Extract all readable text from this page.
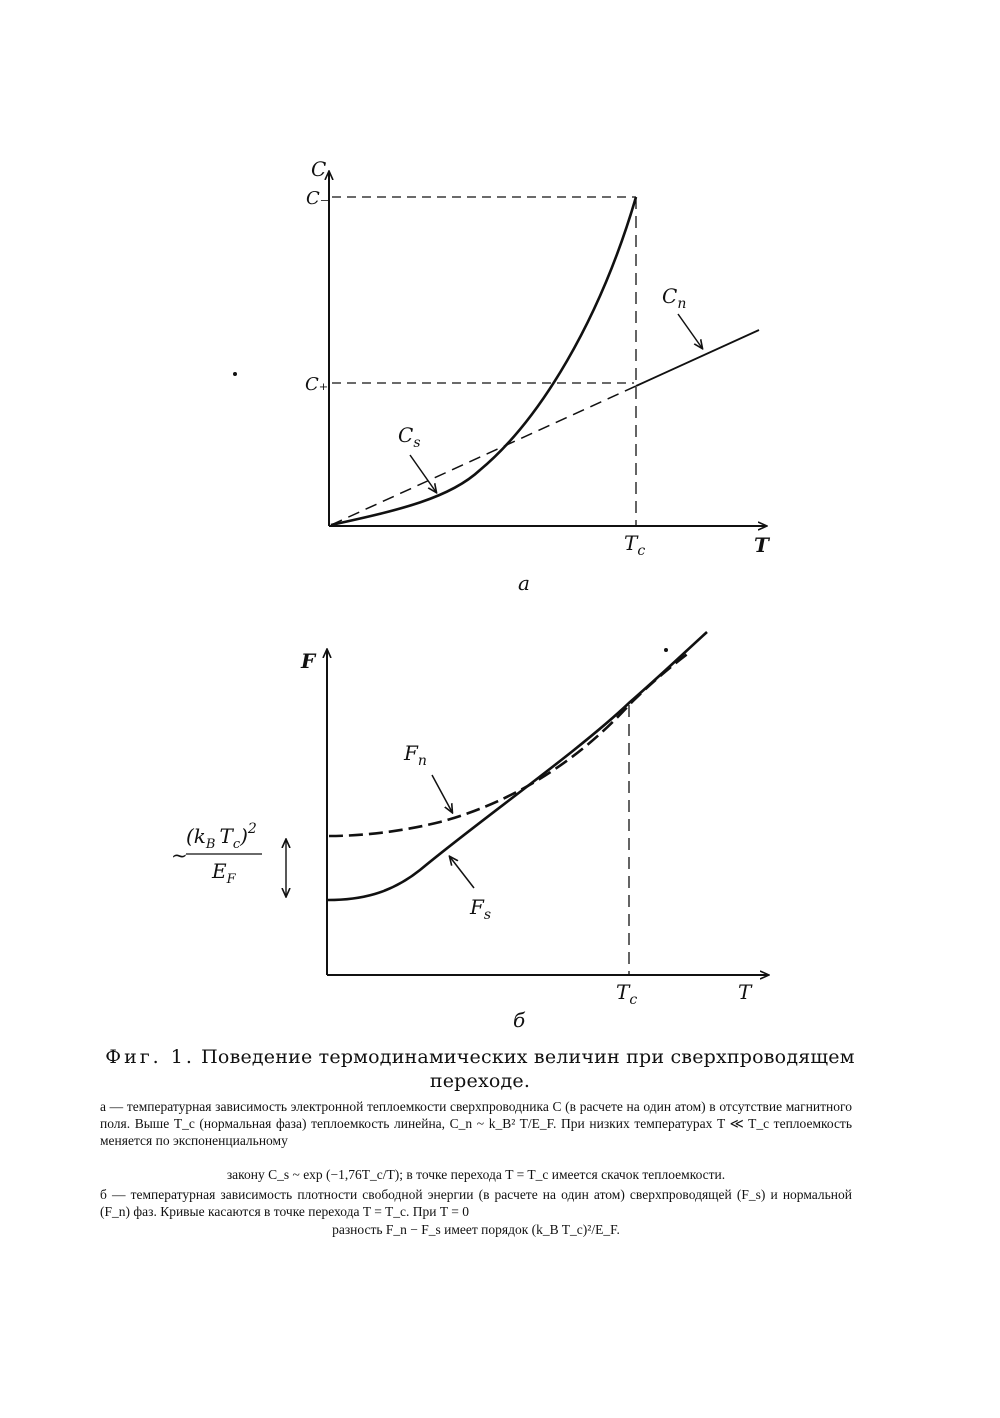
C
C₋
C₊
T
$T_c$
$C_n$
$C_s$
a
F
T
$T_c$
$F_n$
$F_s$
б
~
($k_B$ $T_c)^2$
$E_F$
Фиг. 1. Поведение термодинамических величин при сверхпроводящем переходе.
а — температурная зависимость электронной теплоемкости сверхпроводника C (в расчете на один атом) в отсутствие магнитного поля. Выше T_c (нормальная фаза) теплоемкость линейна, C_n ~ k_B² T/E_F. При низких температурах T ≪ T_c теплоемкость меняется по экспоненциальному
закону C_s ~ exp (−1,76T_c/T); в точке перехода T = T_c имеется скачок теплоемкости.
б — температурная зависимость плотности свободной энергии (в расчете на один атом) сверхпроводящей (F_s) и нормальной (F_n) фаз. Кривые касаются в точке перехода T = T_c. При T = 0
разность F_n − F_s имеет порядок (k_B T_c)²/E_F.
